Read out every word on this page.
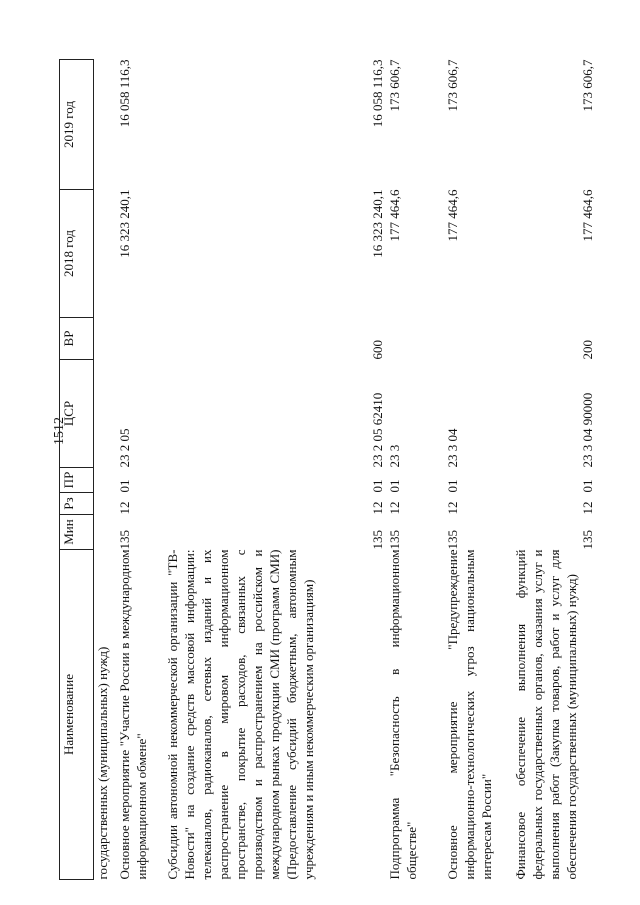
1512
Наименование	Мин	Рз	ПР	ЦСР	ВР	2018 год	2019 год
государственных (муниципальных) нужд)							
Основное мероприятие "Участие России в международном информационном обмене"	135	12	01	23 2 05		16 323 240,1	16 058 116,3
Субсидии автономной некоммерческой организации "ТВ-Новости" на создание средств массовой информации: телеканалов, радиоканалов, сетевых изданий и их распространение в мировом информационном пространстве, покрытие расходов, связанных с производством и распространением на российском и международном рынках продукции СМИ (программ СМИ) (Предоставление субсидий бюджетным, автономным учреждениям и иным некоммерческим организациям)	135	12	01	23 2 05 62410	600	16 323 240,1	16 058 116,3
Подпрограмма "Безопасность в информационном обществе"	135	12	01	23 3		177 464,6	173 606,7
Основное мероприятие "Предупреждение информационно-технологических угроз национальным интересам России"	135	12	01	23 3 04		177 464,6	173 606,7
Финансовое обеспечение выполнения функций федеральных государственных органов, оказания услуг и выполнения работ (Закупка товаров, работ и услуг для обеспечения государственных (муниципальных) нужд)	135	12	01	23 3 04 90000	200	177 464,6	173 606,7
